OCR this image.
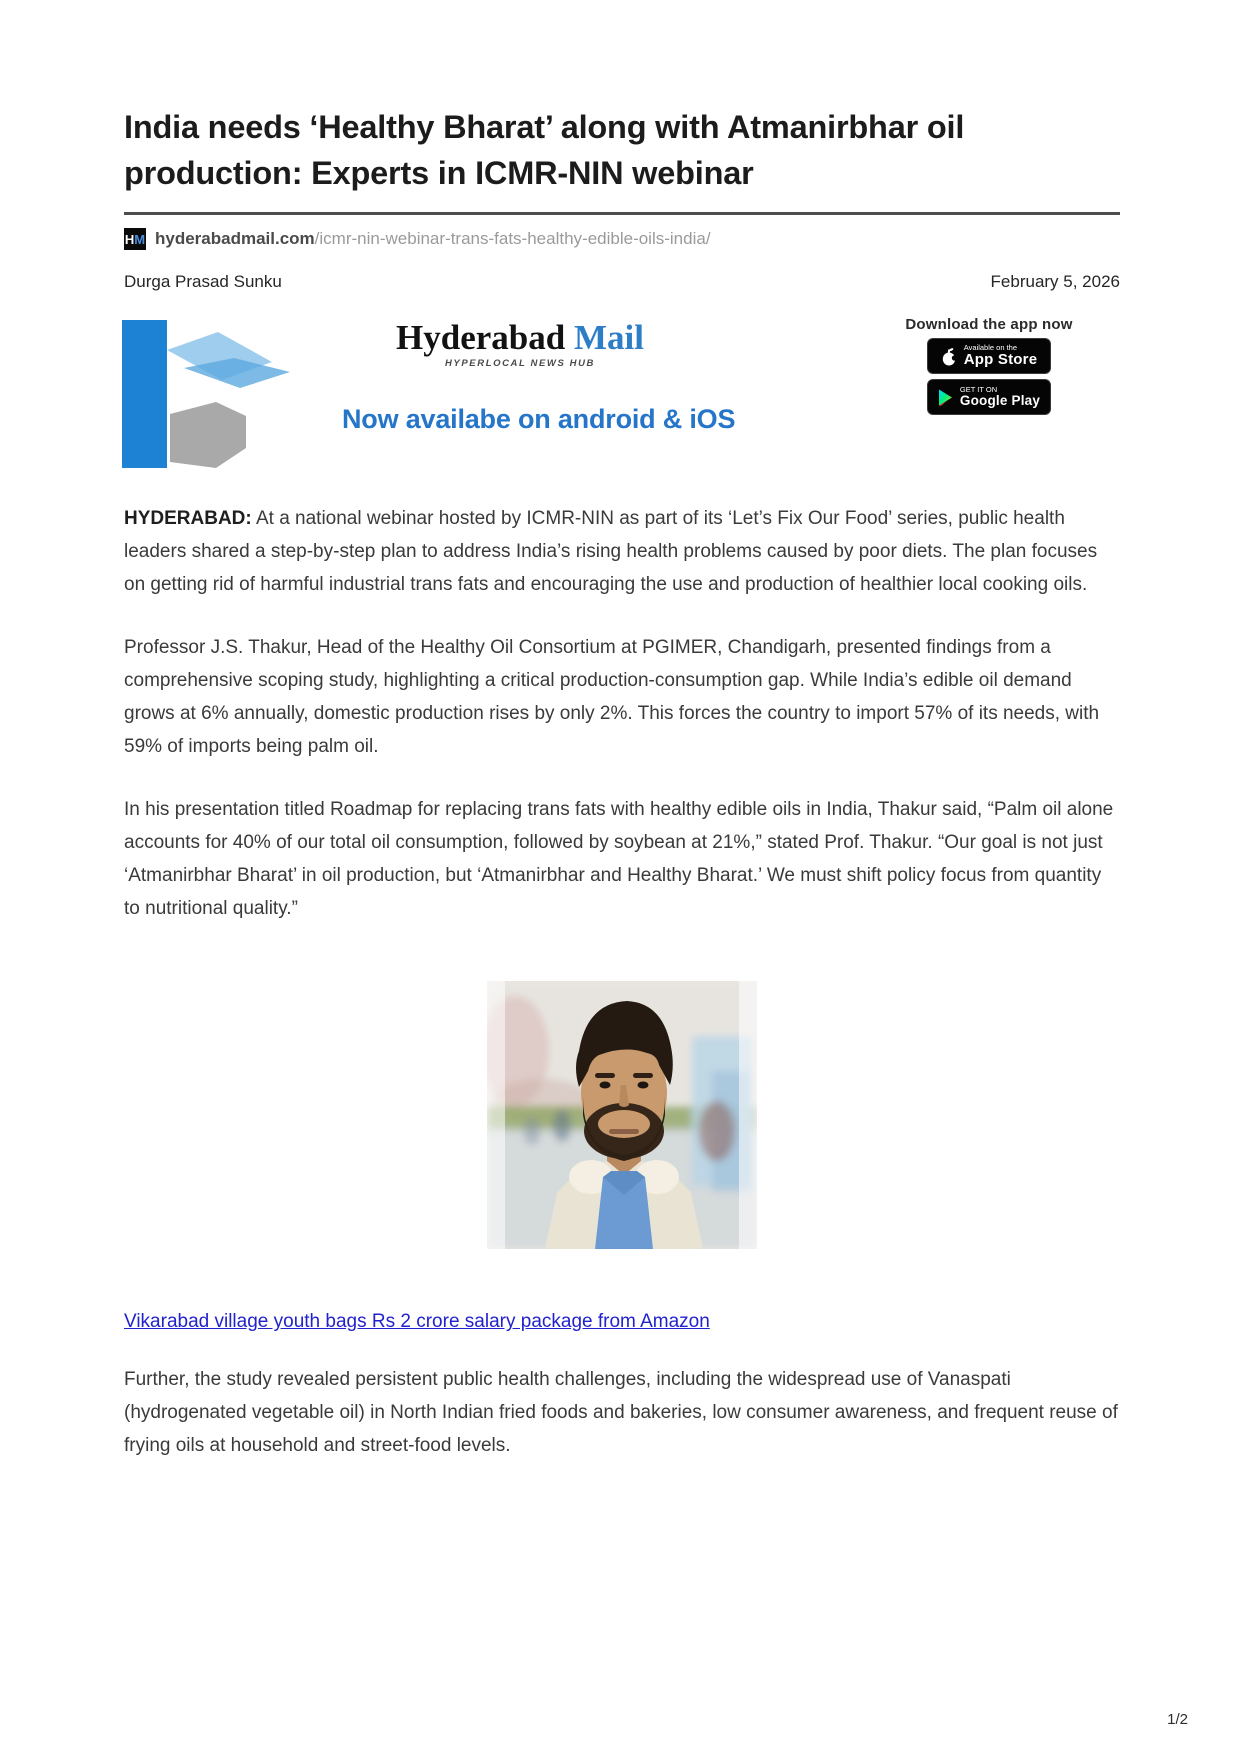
India needs ‘Healthy Bharat’ along with Atmanirbhar oil production: Experts in ICMR-NIN webinar
H M hyderabadmail.com/icmr-nin-webinar-trans-fats-healthy-edible-oils-india/
Durga Prasad Sunku	February 5, 2026
Hyderabad Mail
HYPERLOCAL NEWS HUB
Now availabe on android & iOS
Download the app now
Available on the
App Store
GET IT ON
Google Play

HYDERABAD: At a national webinar hosted by ICMR-NIN as part of its ‘Let’s Fix Our Food’ series, public health leaders shared a step-by-step plan to address India’s rising health problems caused by poor diets. The plan focuses on getting rid of harmful industrial trans fats and encouraging the use and production of healthier local cooking oils.

Professor J.S. Thakur, Head of the Healthy Oil Consortium at PGIMER, Chandigarh, presented findings from a comprehensive scoping study, highlighting a critical production-consumption gap. While India’s edible oil demand grows at 6% annually, domestic production rises by only 2%. This forces the country to import 57% of its needs, with 59% of imports being palm oil.

In his presentation titled Roadmap for replacing trans fats with healthy edible oils in India, Thakur said, “Palm oil alone accounts for 40% of our total oil consumption, followed by soybean at 21%,” stated Prof. Thakur. “Our goal is not just ‘Atmanirbhar Bharat’ in oil production, but ‘Atmanirbhar and Healthy Bharat.’ We must shift policy focus from quantity to nutritional quality.”

Vikarabad village youth bags Rs 2 crore salary package from Amazon

Further, the study revealed persistent public health challenges, including the widespread use of Vanaspati (hydrogenated vegetable oil) in North Indian fried foods and bakeries, low consumer awareness, and frequent reuse of frying oils at household and street-food levels.

1/2
